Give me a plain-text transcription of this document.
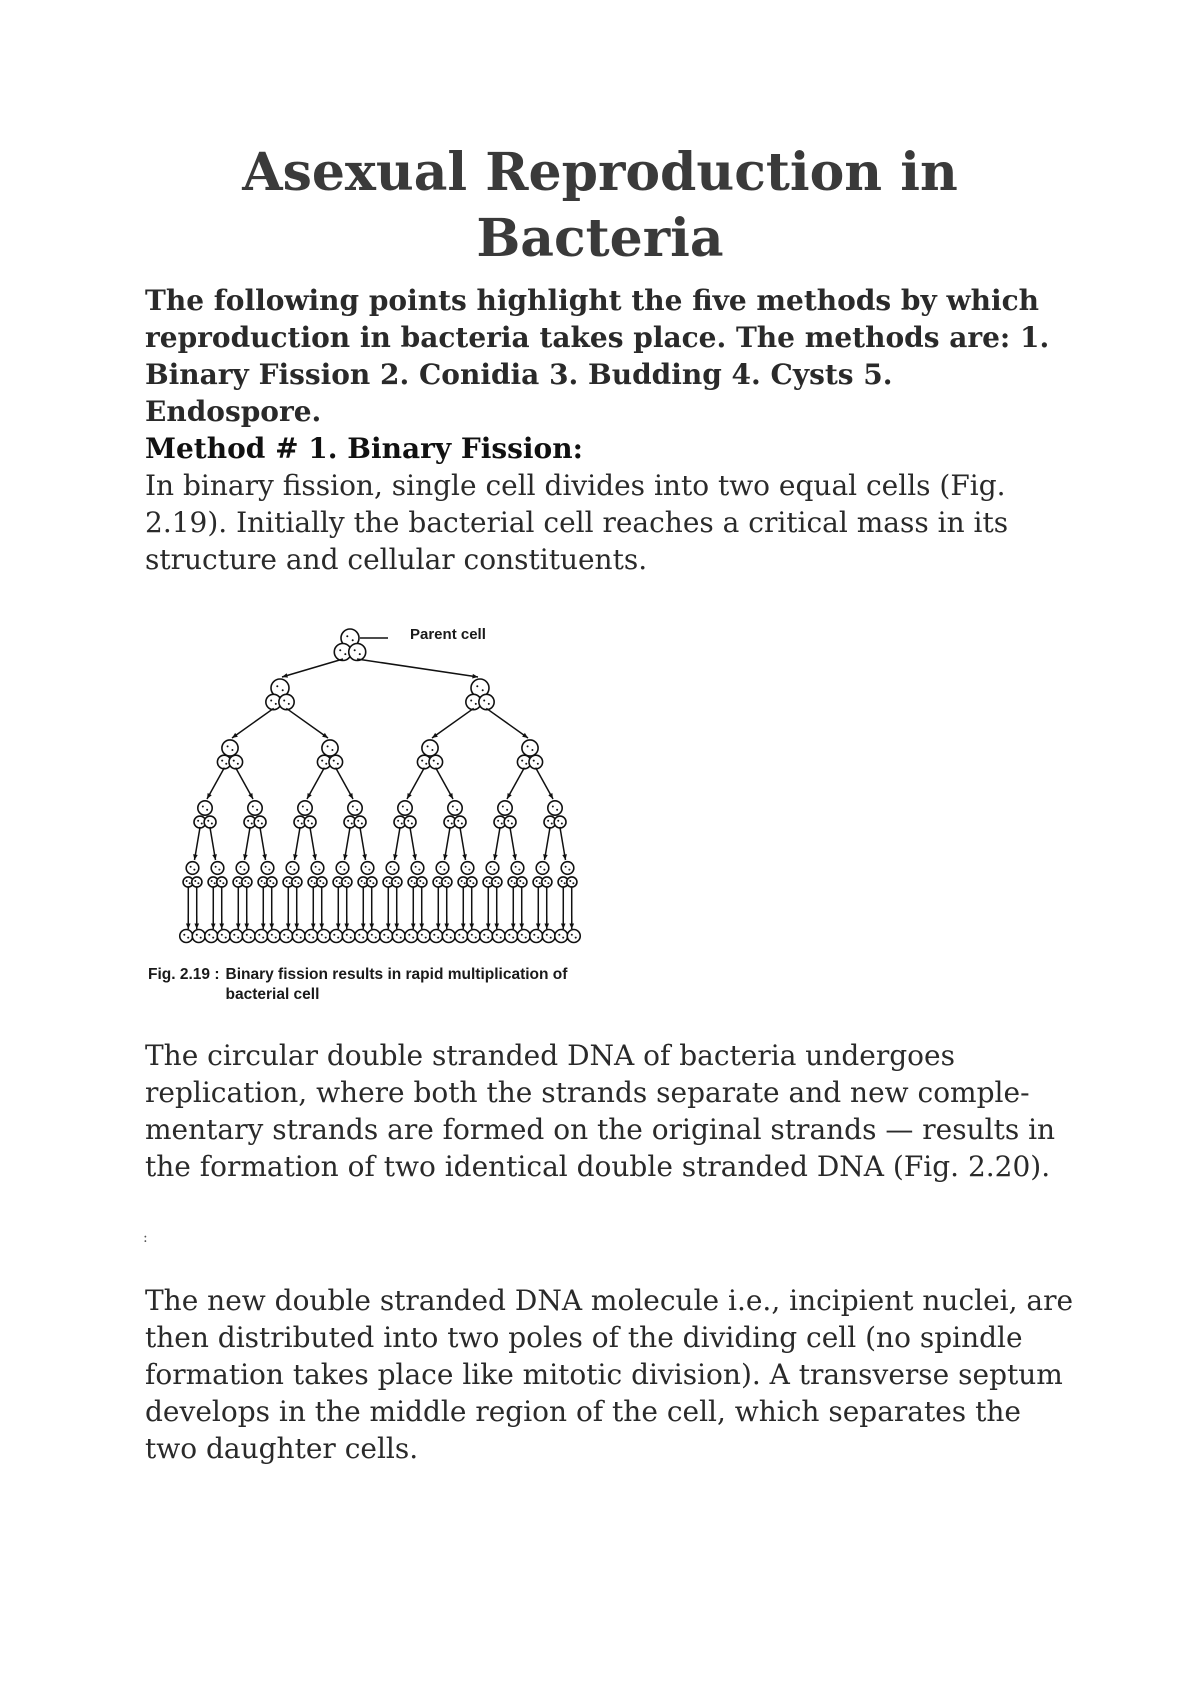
Asexual Reproduction in
Bacteria
The following points highlight the five methods by which reproduction in bacteria takes place. The methods are: 1. Binary Fission 2. Conidia 3. Budding 4. Cysts 5. Endospore.
Method # 1. Binary Fission:
In binary fission, single cell divides into two equal cells (Fig. 2.19). Initially the bacterial cell reaches a critical mass in its structure and cellular constituents.
Parent cell
Fig. 2.19 : Binary fission results in rapid multiplication of bacterial cell
The circular double stranded DNA of bacteria undergoes replication, where both the strands separate and new complementary strands are formed on the original strands — results in the formation of two identical double stranded DNA (Fig. 2.20).
:
The new double stranded DNA molecule i.e., incipient nuclei, are then distributed into two poles of the dividing cell (no spindle formation takes place like mitotic division). A transverse septum develops in the middle region of the cell, which separates the two daughter cells.
